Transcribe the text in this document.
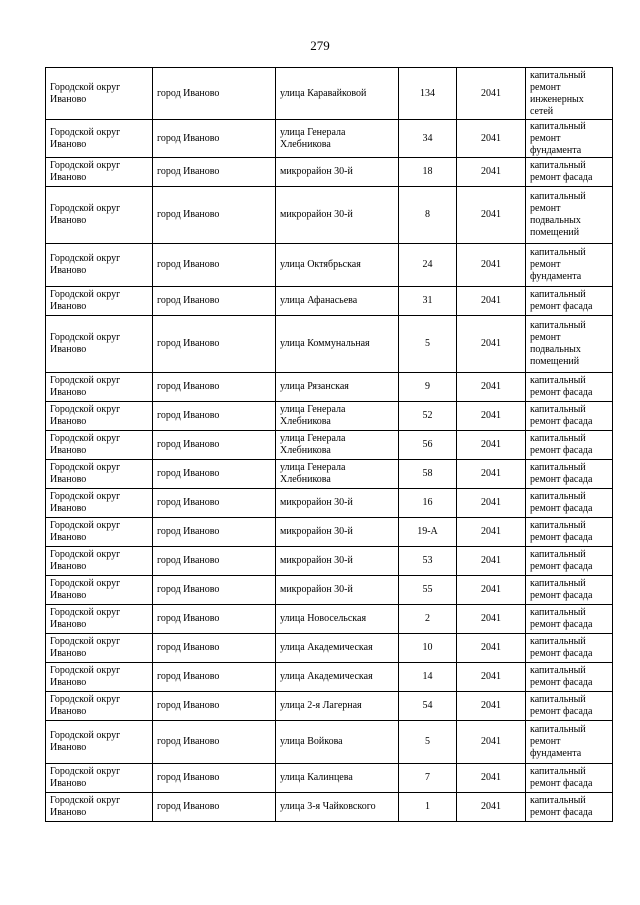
279
Городской округ Иваново	город Иваново	улица Каравайковой	134	2041	капитальный ремонт инженерных сетей
Городской округ Иваново	город Иваново	улица Генерала Хлебникова	34	2041	капитальный ремонт фундамента
Городской округ Иваново	город Иваново	микрорайон 30-й	18	2041	капитальный ремонт фасада
Городской округ Иваново	город Иваново	микрорайон 30-й	8	2041	капитальный ремонт подвальных помещений
Городской округ Иваново	город Иваново	улица Октябрьская	24	2041	капитальный ремонт фундамента
Городской округ Иваново	город Иваново	улица Афанасьева	31	2041	капитальный ремонт фасада
Городской округ Иваново	город Иваново	улица Коммунальная	5	2041	капитальный ремонт подвальных помещений
Городской округ Иваново	город Иваново	улица Рязанская	9	2041	капитальный ремонт фасада
Городской округ Иваново	город Иваново	улица Генерала Хлебникова	52	2041	капитальный ремонт фасада
Городской округ Иваново	город Иваново	улица Генерала Хлебникова	56	2041	капитальный ремонт фасада
Городской округ Иваново	город Иваново	улица Генерала Хлебникова	58	2041	капитальный ремонт фасада
Городской округ Иваново	город Иваново	микрорайон 30-й	16	2041	капитальный ремонт фасада
Городской округ Иваново	город Иваново	микрорайон 30-й	19-А	2041	капитальный ремонт фасада
Городской округ Иваново	город Иваново	микрорайон 30-й	53	2041	капитальный ремонт фасада
Городской округ Иваново	город Иваново	микрорайон 30-й	55	2041	капитальный ремонт фасада
Городской округ Иваново	город Иваново	улица Новосельская	2	2041	капитальный ремонт фасада
Городской округ Иваново	город Иваново	улица Академическая	10	2041	капитальный ремонт фасада
Городской округ Иваново	город Иваново	улица Академическая	14	2041	капитальный ремонт фасада
Городской округ Иваново	город Иваново	улица 2-я Лагерная	54	2041	капитальный ремонт фасада
Городской округ Иваново	город Иваново	улица Войкова	5	2041	капитальный ремонт фундамента
Городской округ Иваново	город Иваново	улица Калинцева	7	2041	капитальный ремонт фасада
Городской округ Иваново	город Иваново	улица 3-я Чайковского	1	2041	капитальный ремонт фасада
